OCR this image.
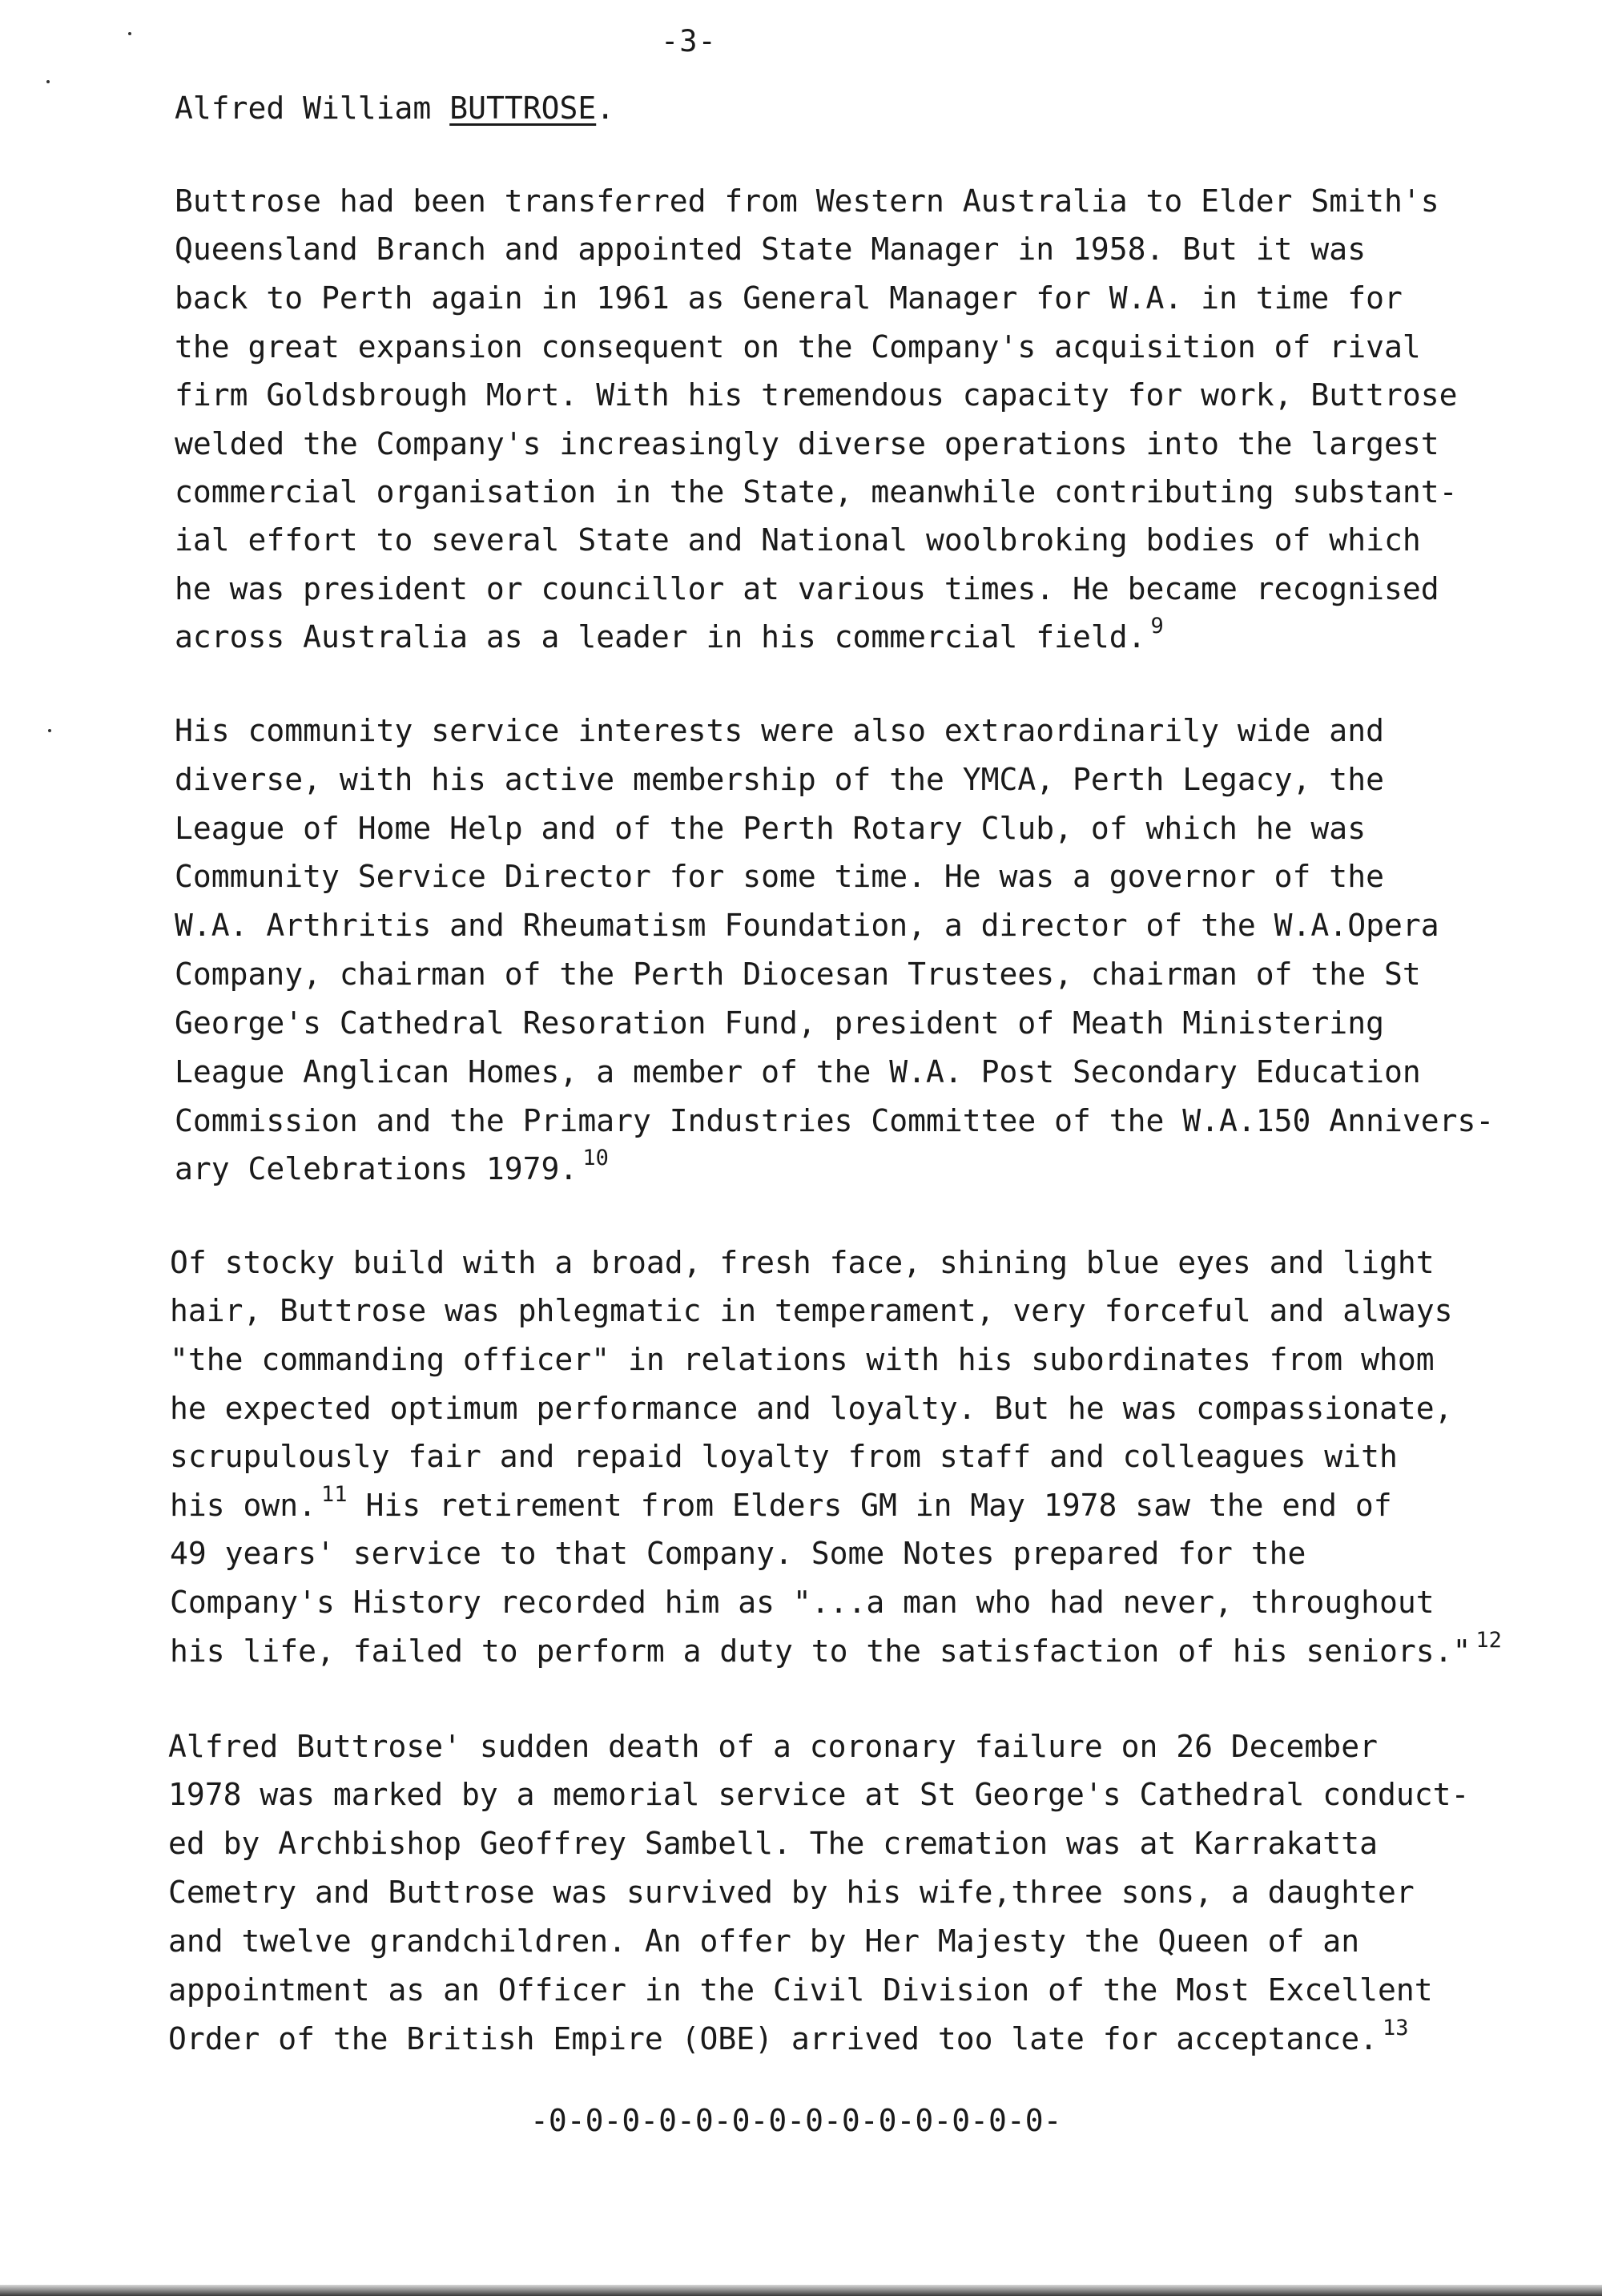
-3-
Alfred William BUTTROSE.
Buttrose had been transferred from Western Australia to Elder Smith's
Queensland Branch and appointed State Manager in 1958. But it was
back to Perth again in 1961 as General Manager for W.A. in time for
the great expansion consequent on the Company's acquisition of rival
firm Goldsbrough Mort. With his tremendous capacity for work, Buttrose
welded the Company's increasingly diverse operations into the largest
commercial organisation in the State, meanwhile contributing substant-
ial effort to several State and National woolbroking bodies of which
he was president or councillor at various times. He became recognised
across Australia as a leader in his commercial field. $^9$
His community service interests were also extraordinarily wide and
diverse, with his active membership of the YMCA, Perth Legacy, the
League of Home Help and of the Perth Rotary Club, of which he was
Community Service Director for some time. He was a governor of the
W.A. Arthritis and Rheumatism Foundation, a director of the W.A.Opera
Company, chairman of the Perth Diocesan Trustees, chairman of the St
George's Cathedral Resoration Fund, president of Meath Ministering
League Anglican Homes, a member of the W.A. Post Secondary Education
Commission and the Primary Industries Committee of the W.A.150 Annivers-
ary Celebrations 1979. $^{10}$
Of stocky build with a broad, fresh face, shining blue eyes and light
hair, Buttrose was phlegmatic in temperament, very forceful and always
"the commanding officer" in relations with his subordinates from whom
he expected optimum performance and loyalty. But he was compassionate,
scrupulously fair and repaid loyalty from staff and colleagues with
his own. $^{11}$ His retirement from Elders GM in May 1978 saw the end of
49 years' service to that Company. Some Notes prepared for the
Company's History recorded him as "...a man who had never, throughout
his life, failed to perform a duty to the satisfaction of his seniors." $^{12}$
Alfred Buttrose' sudden death of a coronary failure on 26 December
1978 was marked by a memorial service at St George's Cathedral conduct-
ed by Archbishop Geoffrey Sambell. The cremation was at Karrakatta
Cemetry and Buttrose was survived by his wife,three sons, a daughter
and twelve grandchildren. An offer by Her Majesty the Queen of an
appointment as an Officer in the Civil Division of the Most Excellent
Order of the British Empire (OBE) arrived too late for acceptance. $^{13}$
-0-0-0-0-0-0-0-0-0-0-0-0-0-0-
